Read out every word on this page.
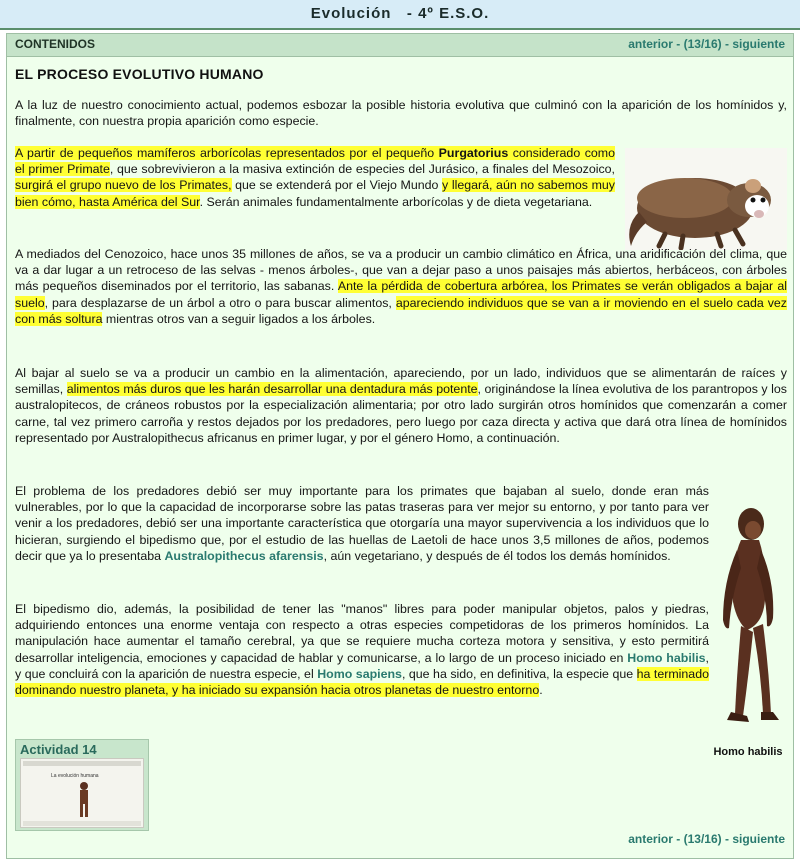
Evolución   - 4º E.S.O.
CONTENIDOS	anterior - (13/16) - siguiente
EL PROCESO EVOLUTIVO HUMANO

A la luz de nuestro conocimiento actual, podemos esbozar la posible historia evolutiva que culminó con la aparición de los homínidos y, finalmente, con nuestra propia aparición como especie.

A partir de pequeños mamíferos arborícolas representados por el pequeño Purgatorius considerado como el primer Primate, que sobrevivieron a la masiva extinción de especies del Jurásico, a finales del Mesozoico, surgirá el grupo nuevo de los Primates, que se extenderá por el Viejo Mundo y llegará, aún no sabemos muy bien cómo, hasta América del Sur. Serán animales fundamentalmente arborícolas y de dieta vegetariana.

A mediados del Cenozoico, hace unos 35 millones de años, se va a producir un cambio climático en África, una aridificación del clima, que va a dar lugar a un retroceso de las selvas - menos árboles-, que van a dejar paso a unos paisajes más abiertos, herbáceos, con árboles más pequeños diseminados por el territorio, las sabanas. Ante la pérdida de cobertura arbórea, los Primates se verán obligados a bajar al suelo, para desplazarse de un árbol a otro o para buscar alimentos, apareciendo individuos que se van a ir moviendo en el suelo cada vez con más soltura mientras otros van a seguir ligados a los árboles.

Al bajar al suelo se va a producir un cambio en la alimentación, apareciendo, por un lado, individuos que se alimentarán de raíces y semillas, alimentos más duros que les harán desarrollar una dentadura más potente, originándose la línea evolutiva de los parantropos y los australopitecos, de cráneos robustos por la especialización alimentaria; por otro lado surgirán otros homínidos que comenzarán a comer carne, tal vez primero carroña y restos dejados por los predadores, pero luego por caza directa y activa que dará otra línea de homínidos representado por Australopithecus africanus en primer lugar, y por el género Homo, a continuación.

El problema de los predadores debió ser muy importante para los primates que bajaban al suelo, donde eran más vulnerables, por lo que la capacidad de incorporarse sobre las patas traseras para ver mejor su entorno, y por tanto para ver venir a los predadores, debió ser una importante característica que otorgaría una mayor supervivencia a los individuos que lo hicieran, surgiendo el bipedismo que, por el estudio de las huellas de Laetoli de hace unos 3,5 millones de años, podemos decir que ya lo presentaba Australopithecus afarensis, aún vegetariano, y después de él todos los demás homínidos.

El bipedismo dio, además, la posibilidad de tener las "manos" libres para poder manipular objetos, palos y piedras, adquiriendo entonces una enorme ventaja con respecto a otras especies competidoras de los primeros homínidos. La manipulación hace aumentar el tamaño cerebral, ya que se requiere mucha corteza motora y sensitiva, y esto permitirá desarrollar inteligencia, emociones y capacidad de hablar y comunicarse, a lo largo de un proceso iniciado en Homo habilis, y que concluirá con la aparición de nuestra especie, el Homo sapiens, que ha sido, en definitiva, la especie que ha terminado dominando nuestro planeta, y ha iniciado su expansión hacia otros planetas de nuestro entorno.

Homo habilis
Actividad 14
La evolución humana
anterior - (13/16) - siguiente
